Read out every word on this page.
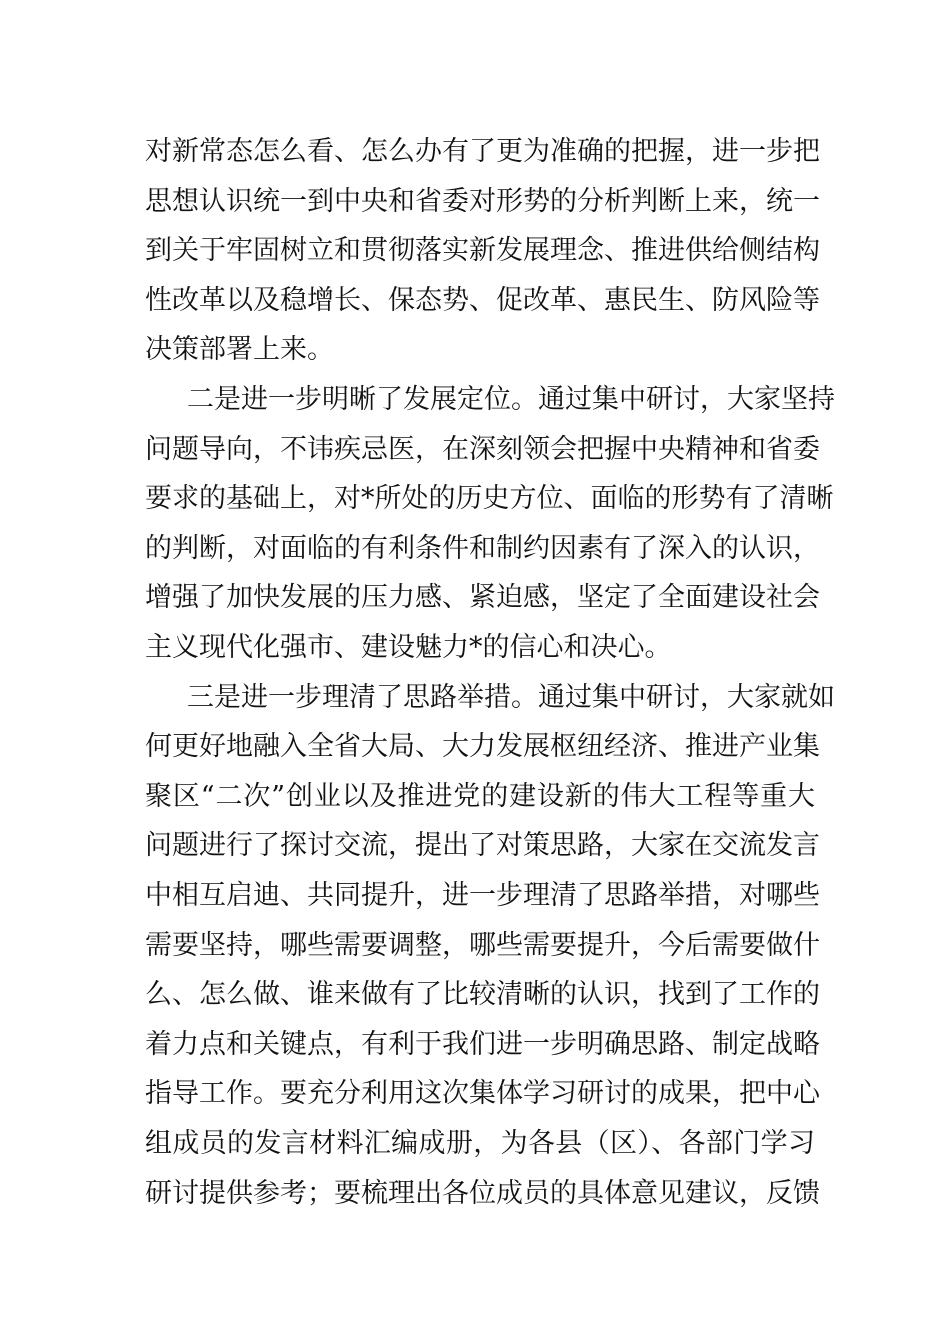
对新常态怎么看、怎么办有了更为准确的把握，进一步把
思想认识统一到中央和省委对形势的分析判断上来，统一
到关于牢固树立和贯彻落实新发展理念、推进供给侧结构
性改革以及稳增长、保态势、促改革、惠民生、防风险等
决策部署上来。
二是进一步明晰了发展定位。通过集中研讨，大家坚持
问题导向，不讳疾忌医，在深刻领会把握中央精神和省委
要求的基础上，对*所处的历史方位、面临的形势有了清晰
的判断，对面临的有利条件和制约因素有了深入的认识，
增强了加快发展的压力感、紧迫感，坚定了全面建设社会
主义现代化强市、建设魅力*的信心和决心。
三是进一步理清了思路举措。通过集中研讨，大家就如
何更好地融入全省大局、大力发展枢纽经济、推进产业集
聚区“二次”创业以及推进党的建设新的伟大工程等重大
问题进行了探讨交流，提出了对策思路，大家在交流发言
中相互启迪、共同提升，进一步理清了思路举措，对哪些
需要坚持，哪些需要调整，哪些需要提升，今后需要做什
么、怎么做、谁来做有了比较清晰的认识，找到了工作的
着力点和关键点，有利于我们进一步明确思路、制定战略
指导工作。要充分利用这次集体学习研讨的成果，把中心
组成员的发言材料汇编成册，为各县（区）、各部门学习
研讨提供参考；要梳理出各位成员的具体意见建议，反馈
